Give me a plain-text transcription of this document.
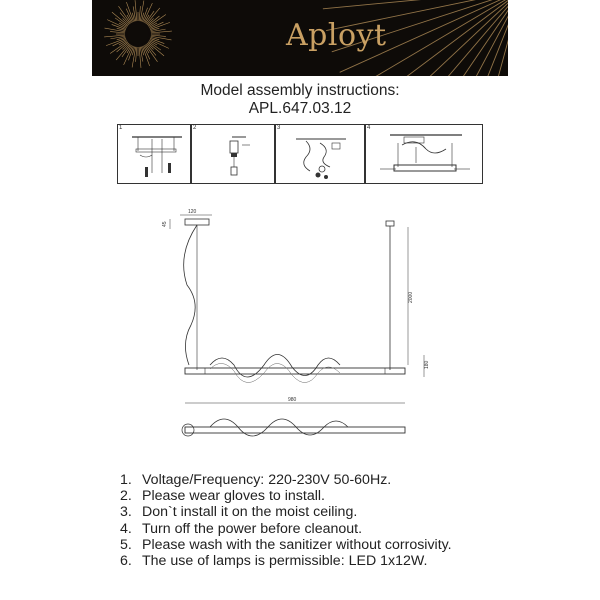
Aployt
Model assembly instructions:
APL.647.03.12
1	2	3	4
120
45
2000
180
980
1. Voltage/Frequency: 220-230V 50-60Hz.
2. Please wear gloves to install.
3. Don`t install it on the moist ceiling.
4. Turn off the power before cleanout.
5. Please wash with the sanitizer without corrosivity.
6. The use of lamps is permissible: LED 1x12W.
